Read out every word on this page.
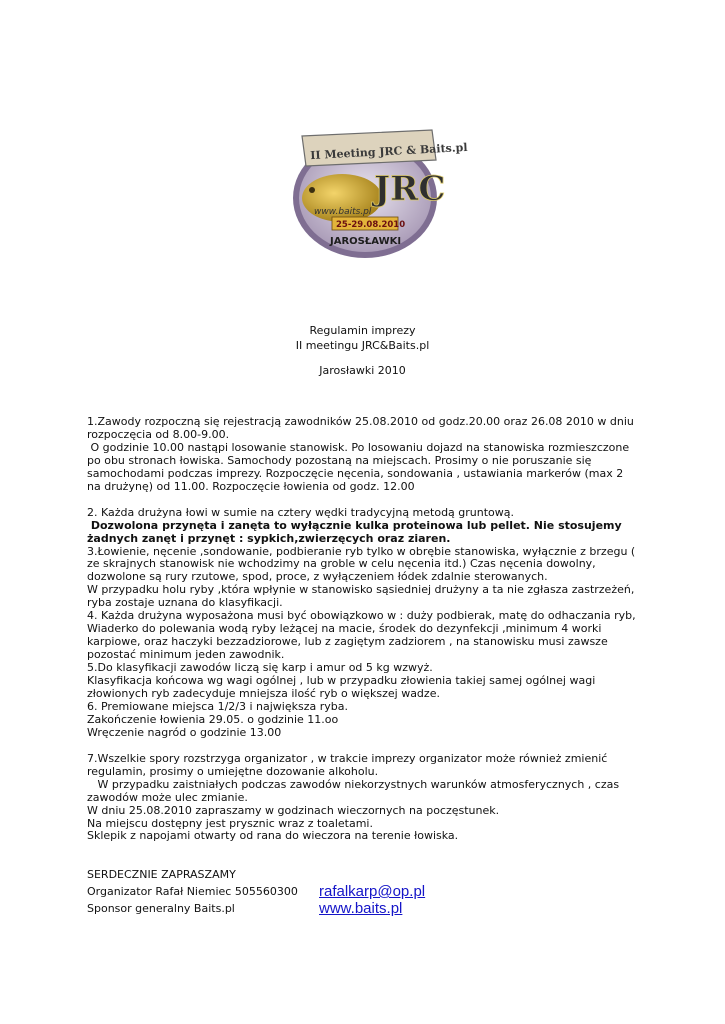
II Meeting JRC & Baits.pl
www.baits.pl
JRC
25-29.08.2010
JAROSŁAWKI
Regulamin imprezy
II meetingu JRC&Baits.pl
Jarosławki 2010

1.Zawody rozpoczną się rejestracją zawodników 25.08.2010 od godz.20.00 oraz 26.08 2010 w dniu

rozpoczęcia od 8.00-9.00.

O godzinie 10.00 nastąpi losowanie stanowisk. Po losowaniu dojazd na stanowiska rozmieszczone

po obu stronach łowiska. Samochody pozostaną na miejscach. Prosimy o nie poruszanie się

samochodami podczas imprezy. Rozpoczęcie nęcenia, sondowania , ustawiania markerów (max 2

na drużynę) od 11.00. Rozpoczęcie łowienia od godz. 12.00

2. Każda drużyna łowi w sumie na cztery wędki tradycyjną metodą gruntową.

Dozwolona przynęta i zanęta to wyłącznie kulka proteinowa lub pellet. Nie stosujemy

żadnych zanęt i przynęt : sypkich,zwierzęcych oraz ziaren.

3.Łowienie, nęcenie ,sondowanie, podbieranie ryb tylko w obrębie stanowiska, wyłącznie z brzegu (

ze skrajnych stanowisk nie wchodzimy na groble w celu nęcenia itd.) Czas nęcenia dowolny,

dozwolone są rury rzutowe, spod, proce, z wyłączeniem łódek zdalnie sterowanych.

W przypadku holu ryby ,która wpłynie w stanowisko sąsiedniej drużyny a ta nie zgłasza zastrzeżeń,

ryba zostaje uznana do klasyfikacji.

4. Każda drużyna wyposażona musi być obowiązkowo w : duży podbierak, matę do odhaczania ryb,

Wiaderko do polewania wodą ryby leżącej na macie, środek do dezynfekcji ,minimum 4 worki

karpiowe, oraz haczyki bezzadziorowe, lub z zagiętym zadziorem , na stanowisku musi zawsze

pozostać minimum jeden zawodnik.

5.Do klasyfikacji zawodów liczą się karp i amur od 5 kg wzwyż.

Klasyfikacja końcowa wg wagi ogólnej , lub w przypadku złowienia takiej samej ogólnej wagi

złowionych ryb zadecyduje mniejsza ilość ryb o większej wadze.

6. Premiowane miejsca 1/2/3 i największa ryba.

Zakończenie łowienia 29.05. o godzinie 11.oo

Wręczenie nagród o godzinie 13.00

7.Wszelkie spory rozstrzyga organizator , w trakcie imprezy organizator może również zmienić

regulamin, prosimy o umiejętne dozowanie alkoholu.

W przypadku zaistniałych podczas zawodów niekorzystnych warunków atmosferycznych , czas

zawodów może ulec zmianie.

W dniu 25.08.2010 zapraszamy w godzinach wieczornych na poczęstunek.

Na miejscu dostępny jest prysznic wraz z toaletami.

Sklepik z napojami otwarty od rana do wieczora na terenie łowiska.

SERDECZNIE ZAPRASZAMY
Organizator Rafał Niemiec 505560300 rafalkarp@op.pl
Sponsor generalny Baits.pl	www.baits.pl
